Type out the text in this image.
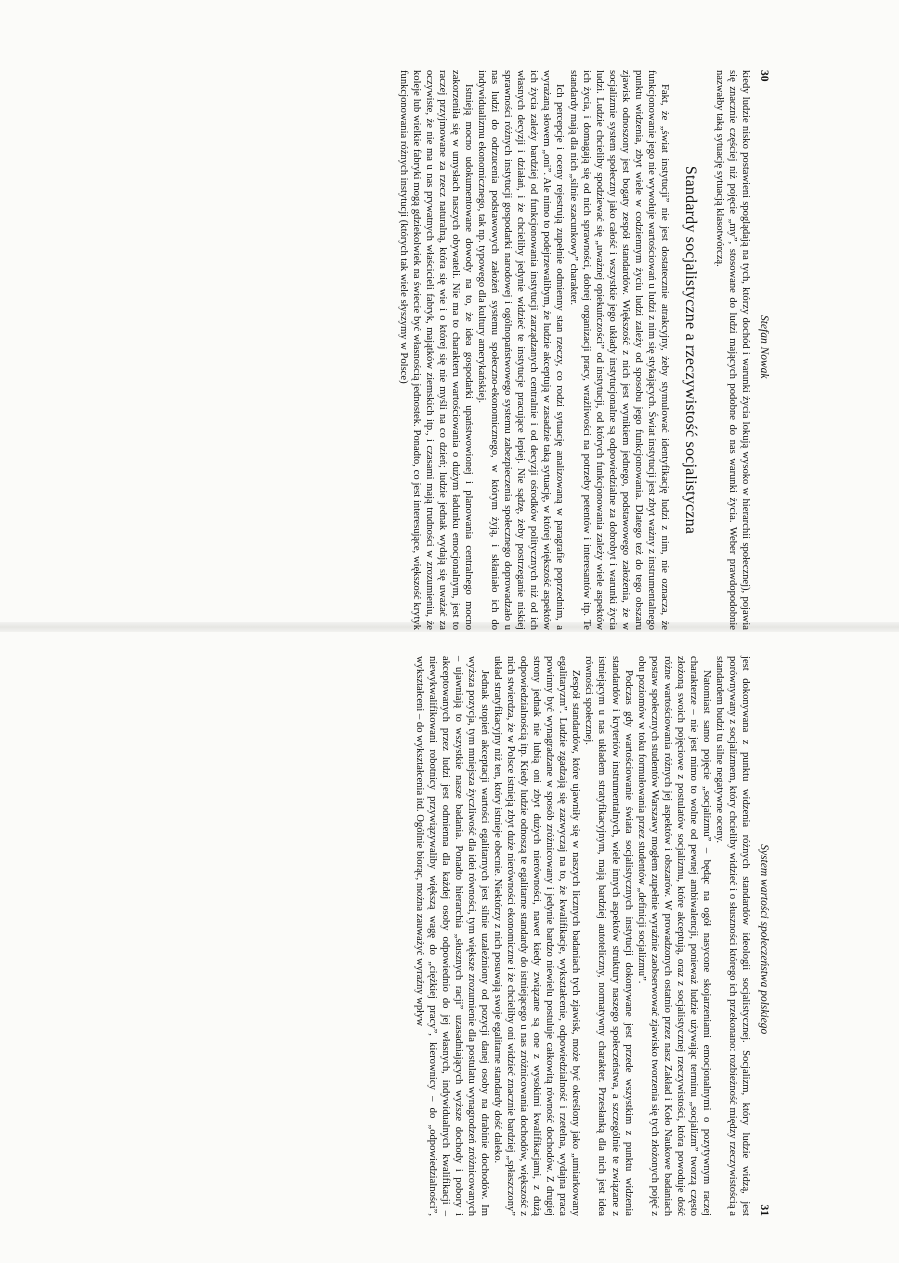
30
Stefan Nowak

kiedy ludzie nisko postawieni spoglądają na tych, którzy dochód i warunki życia lokują wysoko w hierarchii społecznej), pojawia się znacznie częściej niż pojęcie „my”, stosowane do ludzi mających podobne do nas warunki życia. Weber prawdopodobnie nazwałby taką sytuację sytuacją klasotwórczą.

Standardy socjalistyczne a rzeczywistość socjalistyczna

Fakt, że „świat instytucji” nie jest dostatecznie atrakcyjny, żeby stymulować identyfikację ludzi z nim, nie oznacza, że funkcjonowanie jego nie wywołuje wartościowań u ludzi z nim się stykających. Świat instytucji jest zbyt ważny z instrumentalnego punktu widzenia, zbyt wiele w codziennym życiu ludzi zależy od sposobu jego funkcjonowania. Dlatego też do tego obszaru zjawisk odnoszony jest bogaty zespół standardów. Większość z nich jest wynikiem jednego, podstawowego założenia, że w socjalizmie system społeczny jako całość i wszystkie jego układy instytucjonalne są odpowiedzialne za dobrobyt i warunki życia ludzi. Ludzie chcieliby spodziewać się „uważnej opiekuńczości” od instytucji, od których funkcjonowania zależy wiele aspektów ich życia, i domagają się od nich sprawności, dobrej organizacji pracy, wrażliwości na potrzeby petentów i interesantów itp. Te standardy mają dla nich „silnie szacunkowy” charakter.

Ich percepcje i oceny rejestrują zupełnie odmienny stan rzeczy, co rodzi sytuację analizowaną w paragrafie poprzednim, a wyrażaną słowem „oni”. Ale nimo to podejrzewalibym, że ludzie akceptują w zasadzie taką sytuację, w której większość aspektów ich życia zależy bardziej od funkcjonowania instytucji zarządzanych centralnie i od decyzji ośrodków politycznych niż od ich własnych decyzji i działań, i że chcieliby jedynie widzieć te instytucje pracujące lepiej. Nie sądzę, żeby postrzeganie niskiej sprawności różnych instytucji gospodarki narodowej i ogólnopaństwowego systemu zabezpieczenia społecznego doprowadzało u nas ludzi do odrzucenia podstawowych założeń systemu społeczno-ekonomicznego, w którym żyją, i skłaniało ich do indywidualizmu ekonomicznego, tak np. typowego dla kultury amerykańskiej.

Istnieją mocno udokumentowane dowody na to, że idea gospodarki upaństwowionej i planowania centralnego mocno zakorzeniła się w umysłach naszych obywateli. Nie ma to charakteru wartościowania o dużym ładunku emocjonalnym, jest to raczej przyjmowane za rzecz naturalną, która się wie i o której się nie myśli na co dzień; ludzie jednak wydają się uważać za oczywiste, że nie ma u nas prywatnych właścicieli fabryk, majątków ziemskich itp., i czasami mają trudności w zrozumieniu, że koleje lub wielkie fabryki mogą gdziekolwiek na świecie być własnością jednostek. Ponadto, co jest interesujące, większość krytyk funkcjonowania różnych instytucji (których tak wiele słyszymy w Polsce)

System wartości społeczeństwa polskiego
31

jest dokonywana z punktu widzenia różnych standardów ideologii socjalistycznej. Socjalizm, który ludzie widzą, jest porównywany z socjalizmem, który chcieliby widzieć i o słuszności którego ich przekonano: rozbieżność między rzeczywistością a standardem budzi tu silne negatywne oceny.

Natomiast samo pojęcie „socjalizmu” – będąc na ogół nasycone skojarzeniami emocjonalnymi o pozytywnym raczej charakterze – nie jest mimo to wolne od pewnej ambiwalencji, ponieważ ludzie używając terminu „socjalizm” tworzą często złożoną swoich pojęciowe z postulatów socjalizmu, które akceptują, oraz z socjalistycznej rzeczywistości, która powoduje dość różne wartościowania różnych jej aspektów i obszarów. W prowadzonych ostatnio przez nasz Zakład i Koło Naukowe badaniach postaw społecznych studentów Warszawy mogłem zupełnie wyraźnie zaobserwować zjawisko tworzenia się tych złożonych pojęć z obu poziomów w toku formułowania przez studentów „definicji socjalizmu”.

Podczas gdy wartościowanie świata socjalistycznych instytucji dokonywane jest przede wszystkim z punktu widzenia standardów i kryteriów instrumentalnych, wiele innych aspektów struktury naszego społeczeństwa, a szczególnie te związane z istniejącym u nas układem stratyfikacyjnym, mają bardziej autoteliczny, normatywny charakter. Przesłanką dla nich jest idea równości społecznej.

Zespół standardów, które ujawniły się w naszych licznych badaniach tych zjawisk, może być określony jako „umiarkowany egalitaryzm”. Ludzie zgadzają się zazwyczaj na to, że kwalifikacje, wykształcenie, odpowiedzialność i rzetelna, wydajna praca powinny być wynagradzane w sposób zróżnicowany i jedynie bardzo niewielu postuluje całkowitą równość dochodów. Z drugiej strony jednak nie lubią oni zbyt dużych nierówności, nawet kiedy związane są one z wysokimi kwalifikacjami, z dużą odpowiedzialnością itp. Kiedy ludzie odnoszą te egalitarne standardy do istniejącego u nas zróżnicowania dochodów, większość z nich stwierdza, że w Polsce istnieją zbyt duże nierówności ekonomiczne i że chcieliby oni widzieć znacznie bardziej „spłaszczony” układ stratyfikacyjny niż ten, który istnieje obecnie. Niektórzy z nich posuwają swoje egalitarne standardy dość daleko.

Jednak stopień akceptacji wartości egalitarnych jest silnie uzależniony od pozycji danej osoby na drabinie dochodów. Im wyższa pozycja, tym mniejsza życzliwość dla idei równości, tym większe zrozumienie dla postulatu wynagrodzeń zróżnicowanych – ujawniają to wszystkie nasze badania. Ponadto hierarchia „słusznych racji” uzasadniających wyższe dochody i pobory i akceptowanych przez ludzi jest odmienna dla każdej osoby odpowiednio do jej własnych, indywidualnych kwalifikacji – niewykwalifikowani robotnicy przywiązywaliby większą wagę do „ciężkiej pracy”, kierownicy – do „odpowiedzialności”, wykształceni – do wykształcenia itd. Ogólnie biorąc, można zauważyć wyraźny wpływ
